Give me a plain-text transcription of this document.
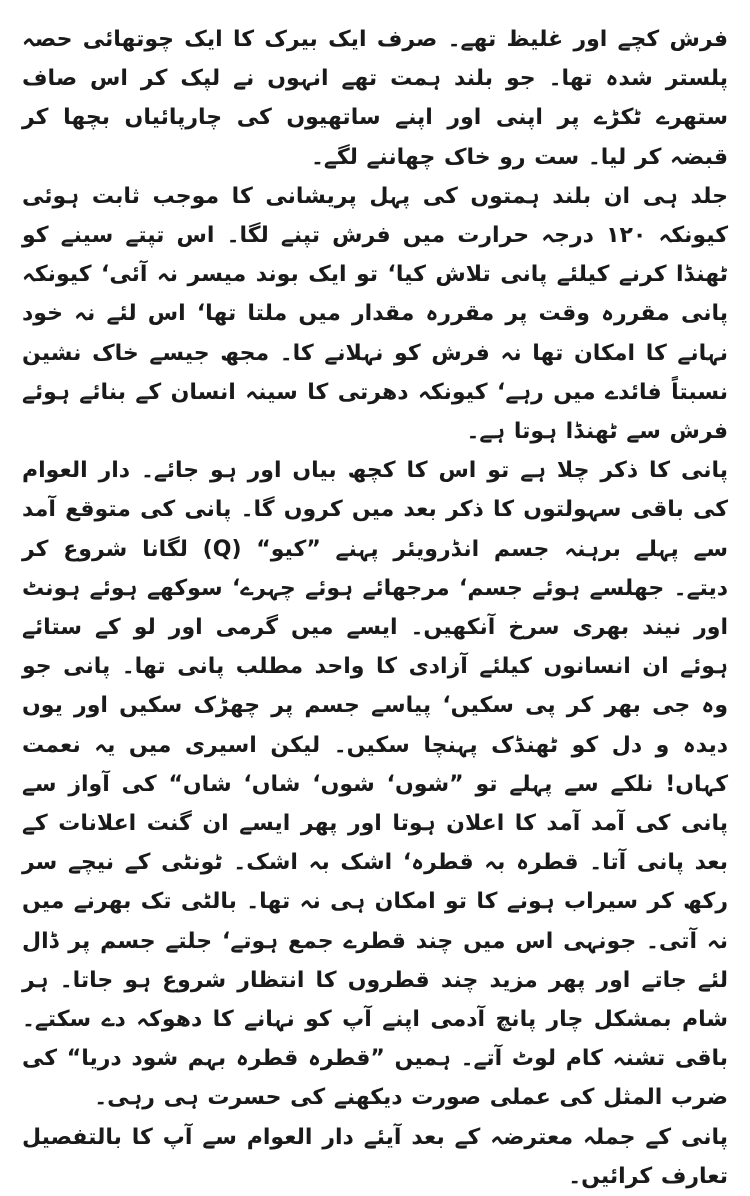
فرش کچے اور غلیظ تھے۔ صرف ایک بیرک کا ایک چوتھائی حصہ پلستر شدہ تھا۔ جو بلند ہمت تھے انہوں نے لپک کر اس صاف ستھرے ٹکڑے پر اپنی اور اپنے ساتھیوں کی چارپائیاں بچھا کر قبضہ کر لیا۔ ست رو خاک چھاننے لگے۔

جلد ہی ان بلند ہمتوں کی پہل پریشانی کا موجب ثابت ہوئی کیونکہ ۱۲۰ درجہ حرارت میں فرش تپنے لگا۔ اس تپتے سینے کو ٹھنڈا کرنے کیلئے پانی تلاش کیا‘ تو ایک بوند میسر نہ آئی‘ کیونکہ پانی مقررہ وقت پر مقررہ مقدار میں ملتا تھا‘ اس لئے نہ خود نہانے کا امکان تھا نہ فرش کو نہلانے کا۔ مجھ جیسے خاک نشین نسبتاً فائدے میں رہے‘ کیونکہ دھرتی کا سینہ انسان کے بنائے ہوئے فرش سے ٹھنڈا ہوتا ہے۔

پانی کا ذکر چلا ہے تو اس کا کچھ بیاں اور ہو جائے۔ دار العوام کی باقی سہولتوں کا ذکر بعد میں کروں گا۔ پانی کی متوقع آمد سے پہلے برہنہ جسم انڈرویئر پہنے ”کیو“ (Q) لگانا شروع کر دیتے۔ جھلسے ہوئے جسم‘ مرجھائے ہوئے چہرے‘ سوکھے ہوئے ہونٹ اور نیند بھری سرخ آنکھیں۔ ایسے میں گرمی اور لو کے ستائے ہوئے ان انسانوں کیلئے آزادی کا واحد مطلب پانی تھا۔ پانی جو وہ جی بھر کر پی سکیں‘ پیاسے جسم پر چھڑک سکیں اور یوں دیدہ و دل کو ٹھنڈک پہنچا سکیں۔ لیکن اسیری میں یہ نعمت کہاں! نلکے سے پہلے تو ”شوں‘ شوں‘ شاں‘ شاں“ کی آواز سے پانی کی آمد آمد کا اعلان ہوتا اور پھر ایسے ان گنت اعلانات کے بعد پانی آتا۔ قطرہ بہ قطرہ‘ اشک بہ اشک۔ ٹونٹی کے نیچے سر رکھ کر سیراب ہونے کا تو امکان ہی نہ تھا۔ بالٹی تک بھرنے میں نہ آتی۔ جونہی اس میں چند قطرے جمع ہوتے‘ جلتے جسم پر ڈال لئے جاتے اور پھر مزید چند قطروں کا انتظار شروع ہو جاتا۔ ہر شام بمشکل چار پانچ آدمی اپنے آپ کو نہانے کا دھوکہ دے سکتے۔ باقی تشنہ کام لوٹ آتے۔ ہمیں ”قطرہ قطرہ بہم شود دریا“ کی ضرب المثل کی عملی صورت دیکھنے کی حسرت ہی رہی۔

پانی کے جملہ معترضہ کے بعد آیئے دار العوام سے آپ کا بالتفصیل تعارف کرائیں۔
